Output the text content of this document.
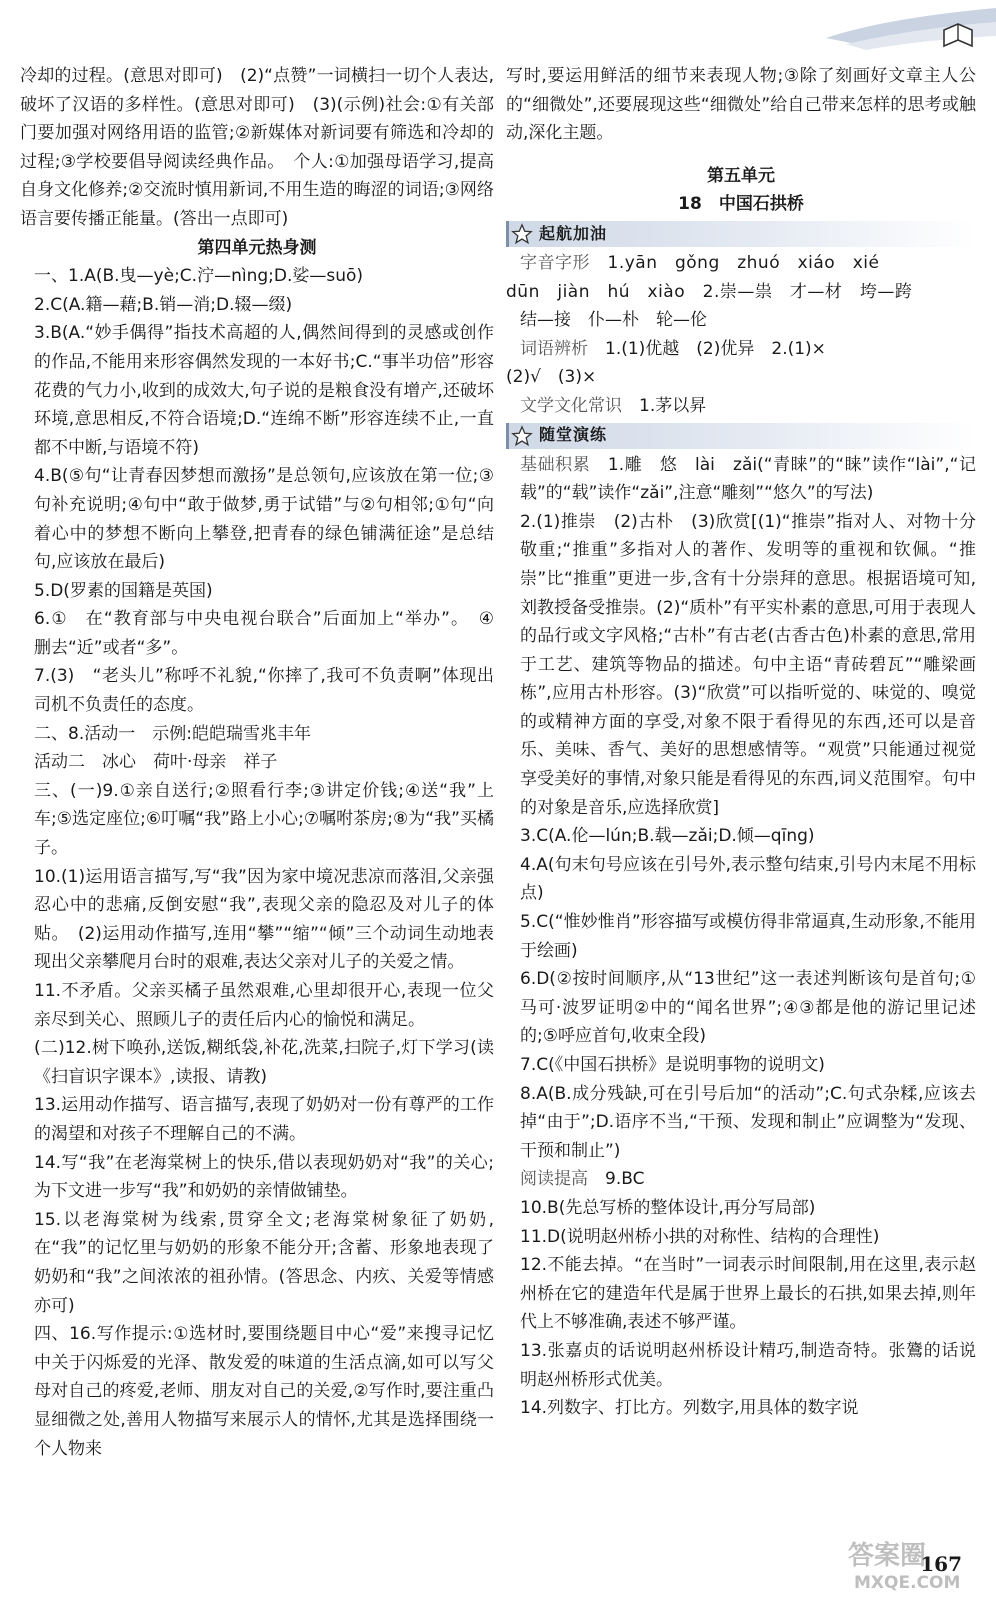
冷却的过程。(意思对即可)　(2)“点赞”一词横扫一切个人表达,破坏了汉语的多样性。(意思对即可)　(3)(示例)社会:①有关部门要加强对网络用语的监管;②新媒体对新词要有筛选和冷却的过程;③学校要倡导阅读经典作品。　个人:①加强母语学习,提高自身文化修养;②交流时慎用新词,不用生造的晦涩的词语;③网络语言要传播正能量。(答出一点即可)

第四单元热身测

一、1.A(B.曳—yè;C.泞—nìng;D.娑—suō)

2.C(A.籍—藉;B.销—消;D.辍—缀)

3.B(A.“妙手偶得”指技术高超的人,偶然间得到的灵感或创作的作品,不能用来形容偶然发现的一本好书;C.“事半功倍”形容花费的气力小,收到的成效大,句子说的是粮食没有增产,还破坏环境,意思相反,不符合语境;D.“连绵不断”形容连续不止,一直都不中断,与语境不符)

4.B(⑤句“让青春因梦想而激扬”是总领句,应该放在第一位;③句补充说明;④句中“敢于做梦,勇于试错”与②句相邻;①句“向着心中的梦想不断向上攀登,把青春的绿色铺满征途”是总结句,应该放在最后)

5.D(罗素的国籍是英国)

6.①　在“教育部与中央电视台联合”后面加上“举办”。　④　删去“近”或者“多”。

7.(3)　“老头儿”称呼不礼貌,“你摔了,我可不负责啊”体现出司机不负责任的态度。

二、8.活动一　示例:皑皑瑞雪兆丰年

活动二　冰心　荷叶·母亲　祥子

三、(一)9.①亲自送行;②照看行李;③讲定价钱;④送“我”上车;⑤选定座位;⑥叮嘱“我”路上小心;⑦嘱咐茶房;⑧为“我”买橘子。

10.(1)运用语言描写,写“我”因为家中境况悲凉而落泪,父亲强忍心中的悲痛,反倒安慰“我”,表现父亲的隐忍及对儿子的体贴。　(2)运用动作描写,连用“攀”“缩”“倾”三个动词生动地表现出父亲攀爬月台时的艰难,表达父亲对儿子的关爱之情。

11.不矛盾。父亲买橘子虽然艰难,心里却很开心,表现一位父亲尽到关心、照顾儿子的责任后内心的愉悦和满足。

(二)12.树下唤孙,送饭,糊纸袋,补花,洗菜,扫院子,灯下学习(读《扫盲识字课本》,读报、请教)

13.运用动作描写、语言描写,表现了奶奶对一份有尊严的工作的渴望和对孩子不理解自己的不满。

14.写“我”在老海棠树上的快乐,借以表现奶奶对“我”的关心;为下文进一步写“我”和奶奶的亲情做铺垫。

15.以老海棠树为线索,贯穿全文;老海棠树象征了奶奶,在“我”的记忆里与奶奶的形象不能分开;含蓄、形象地表现了奶奶和“我”之间浓浓的祖孙情。(答思念、内疚、关爱等情感亦可)

四、16.写作提示:①选材时,要围绕题目中心“爱”来搜寻记忆中关于闪烁爱的光泽、散发爱的味道的生活点滴,如可以写父母对自己的疼爱,老师、朋友对自己的关爱,②写作时,要注重凸显细微之处,善用人物描写来展示人的情怀,尤其是选择围绕一个人物来

写时,要运用鲜活的细节来表现人物;③除了刻画好文章主人公的“细微处”,还要展现这些“细微处”给自己带来怎样的思考或触动,深化主题。

第五单元

18　中国石拱桥

起航加油

字音字形　 1.yān　gǒng　zhuó　xiáo　xié

dūn　jiàn　hú　xiào　2.崇—祟　才—材　垮—跨

结—接　仆—朴　轮—伦

词语辨析　 1.(1)优越　(2)优异　2.(1)×

(2)√　(3)×

文学文化常识　 1.茅以昇

随堂演练

基础积累　 1.雕　悠　lài　zǎi(“青睐”的“睐”读作“lài”,“记载”的“载”读作“zǎi”,注意“雕刻”“悠久”的写法)

2.(1)推崇　(2)古朴　(3)欣赏[(1)“推崇”指对人、对物十分敬重;“推重”多指对人的著作、发明等的重视和钦佩。“推崇”比“推重”更进一步,含有十分崇拜的意思。根据语境可知,刘教授备受推崇。(2)“质朴”有平实朴素的意思,可用于表现人的品行或文字风格;“古朴”有古老(古香古色)朴素的意思,常用于工艺、建筑等物品的描述。句中主语“青砖碧瓦”“雕梁画栋”,应用古朴形容。(3)“欣赏”可以指听觉的、味觉的、嗅觉的或精神方面的享受,对象不限于看得见的东西,还可以是音乐、美味、香气、美好的思想感情等。“观赏”只能通过视觉享受美好的事情,对象只能是看得见的东西,词义范围窄。句中的对象是音乐,应选择欣赏]

3.C(A.伦—lún;B.载—zǎi;D.倾—qīng)

4.A(句末句号应该在引号外,表示整句结束,引号内末尾不用标点)

5.C(“惟妙惟肖”形容描写或模仿得非常逼真,生动形象,不能用于绘画)

6.D(②按时间顺序,从“13世纪”这一表述判断该句是首句;①马可·波罗证明②中的“闻名世界”;④③都是他的游记里记述的;⑤呼应首句,收束全段)

7.C(《中国石拱桥》是说明事物的说明文)

8.A(B.成分残缺,可在引号后加“的活动”;C.句式杂糅,应该去掉“由于”;D.语序不当,“干预、发现和制止”应调整为“发现、干预和制止”)

阅读提高　 9.BC

10.B(先总写桥的整体设计,再分写局部)

11.D(说明赵州桥小拱的对称性、结构的合理性)

12.不能去掉。“在当时”一词表示时间限制,用在这里,表示赵州桥在它的建造年代是属于世界上最长的石拱,如果去掉,则年代上不够准确,表述不够严谨。

13.张嘉贞的话说明赵州桥设计精巧,制造奇特。张鷟的话说明赵州桥形式优美。

14.列数字、打比方。列数字,用具体的数字说

167
答案圈
MXQE.COM
